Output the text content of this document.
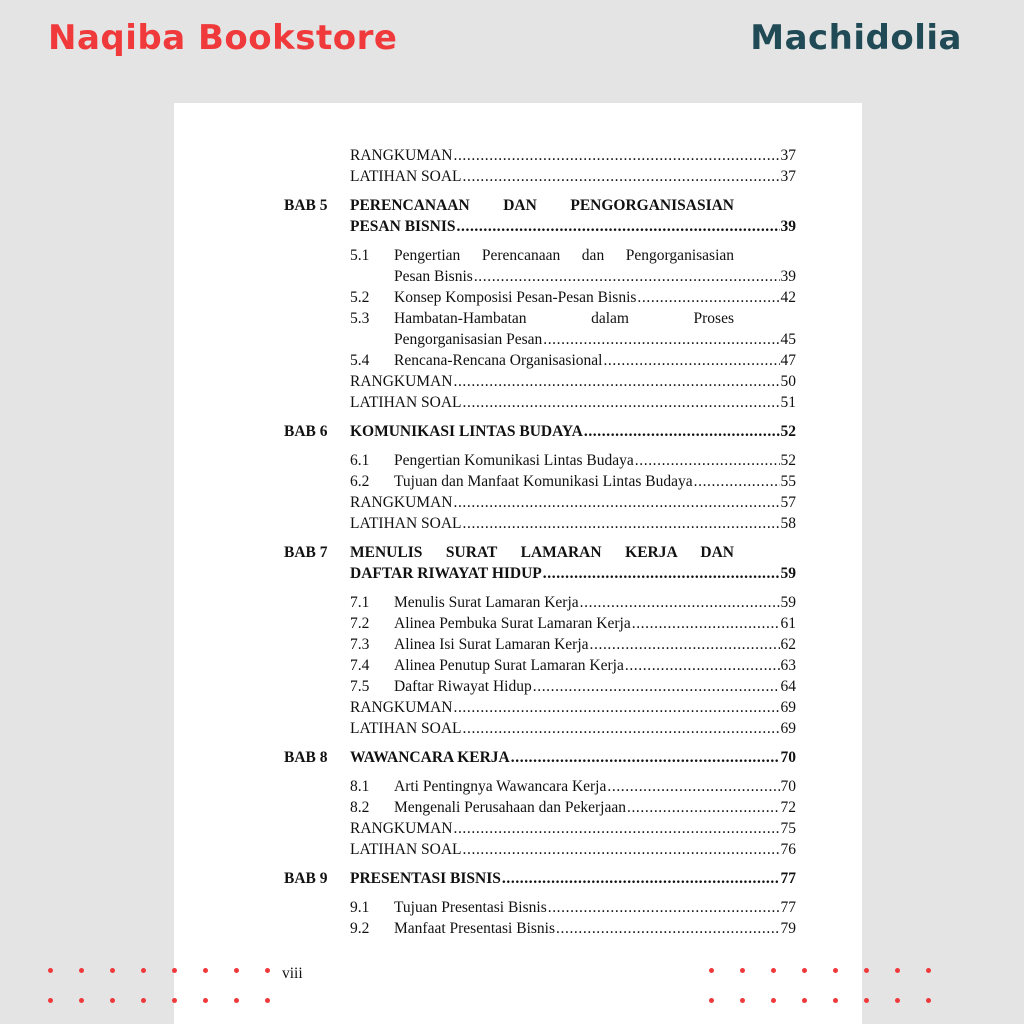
Naqiba Bookstore	Machidolia
RANGKUMAN .....	37
LATIHAN SOAL .....	37
BAB 5 PERENCANAAN DAN PENGORGANISASIAN
PESAN BISNIS .....	39
5.1 Pengertian Perencanaan dan Pengorganisasian
Pesan Bisnis .....	39
5.2 Konsep Komposisi Pesan-Pesan Bisnis .....	42
5.3 Hambatan-Hambatan dalam Proses
Pengorganisasian Pesan .....	45
5.4 Rencana-Rencana Organisasional .....	47
RANGKUMAN .....	50
LATIHAN SOAL .....	51
BAB 6 KOMUNIKASI LINTAS BUDAYA .....	52
6.1 Pengertian Komunikasi Lintas Budaya .....	52
6.2 Tujuan dan Manfaat Komunikasi Lintas Budaya .....	55
RANGKUMAN .....	57
LATIHAN SOAL .....	58
BAB 7 MENULIS SURAT LAMARAN KERJA DAN
DAFTAR RIWAYAT HIDUP .....	59
7.1 Menulis Surat Lamaran Kerja .....	59
7.2 Alinea Pembuka Surat Lamaran Kerja .....	61
7.3 Alinea Isi Surat Lamaran Kerja .....	62
7.4 Alinea Penutup Surat Lamaran Kerja .....	63
7.5 Daftar Riwayat Hidup .....	64
RANGKUMAN .....	69
LATIHAN SOAL .....	69
BAB 8 WAWANCARA KERJA .....	70
8.1 Arti Pentingnya Wawancara Kerja .....	70
8.2 Mengenali Perusahaan dan Pekerjaan .....	72
RANGKUMAN .....	75
LATIHAN SOAL .....	76
BAB 9 PRESENTASI BISNIS .....	77
9.1 Tujuan Presentasi Bisnis .....	77
9.2 Manfaat Presentasi Bisnis .....	79
viii
